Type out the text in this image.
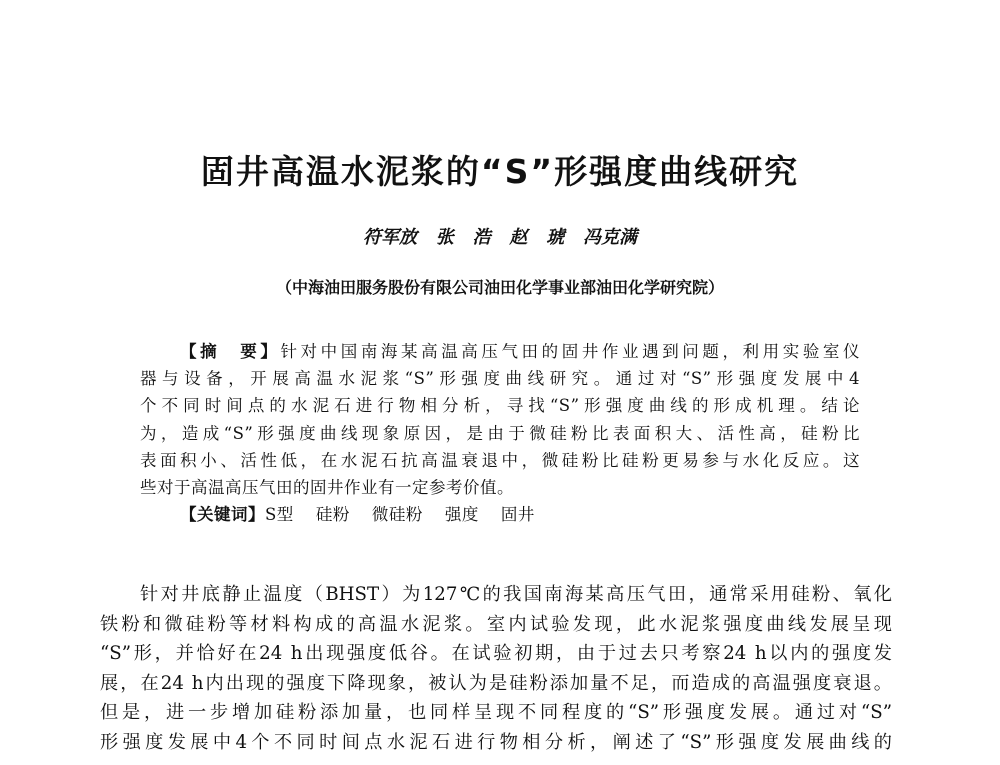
固井高温水泥浆的“S”形强度曲线研究
符军放   张   浩   赵   琥   冯克满
（中海油田服务股份有限公司油田化学事业部油田化学研究院）
【摘　要】针对中国南海某高温高压气田的固井作业遇到问题，利用实验室仪
器与设备，开展高温水泥浆“S”形强度曲线研究。通过对“S”形强度发展中4
个不同时间点的水泥石进行物相分析，寻找“S”形强度曲线的形成机理。结论
为，造成“S”形强度曲线现象原因，是由于微硅粉比表面积大、活性高，硅粉比
表面积小、活性低，在水泥石抗高温衰退中，微硅粉比硅粉更易参与水化反应。这
些对于高温高压气田的固井作业有一定参考价值。
【关键词】S型 硅粉 微硅粉 强度 固井
针对井底静止温度（BHST）为127℃的我国南海某高压气田，通常采用硅粉、氧化
铁粉和微硅粉等材料构成的高温水泥浆。室内试验发现，此水泥浆强度曲线发展呈现
“S”形，并恰好在24 h出现强度低谷。在试验初期，由于过去只考察24 h以内的强度发
展，在24 h内出现的强度下降现象，被认为是硅粉添加量不足，而造成的高温强度衰退。
但是，进一步增加硅粉添加量，也同样呈现不同程度的“S”形强度发展。通过对“S”
形强度发展中4个不同时间点水泥石进行物相分析，阐述了“S”形强度发展曲线的
